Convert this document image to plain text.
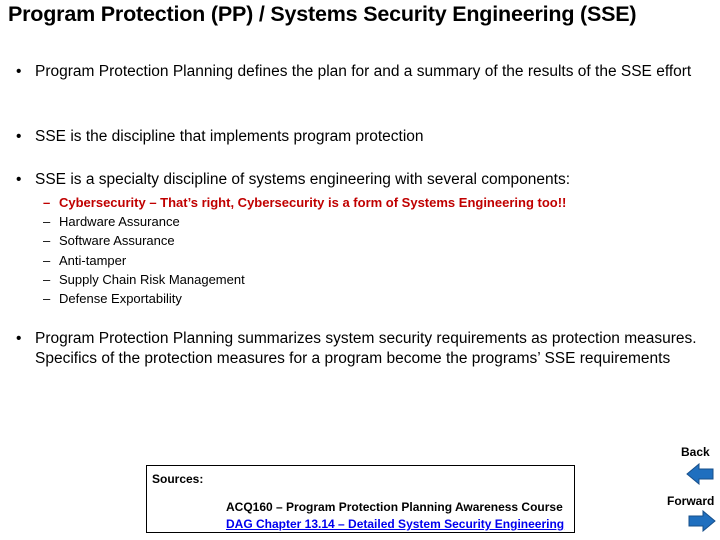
Program Protection (PP) / Systems Security Engineering (SSE)
• Program Protection Planning defines the plan for and a summary of the results of the SSE effort
• SSE is the discipline that implements program protection
• SSE is a specialty discipline of systems engineering with several components:
– Cybersecurity – That’s right, Cybersecurity is a form of Systems Engineering too!!
– Hardware Assurance
– Software Assurance
– Anti-tamper
– Supply Chain Risk Management
– Defense Exportability
• Program Protection Planning summarizes system security requirements as protection measures. Specifics of the protection measures for a program become the programs’ SSE requirements
Back
Forward
Sources:
ACQ160 – Program Protection Planning Awareness Course
DAG Chapter 13.14 – Detailed System Security Engineering
